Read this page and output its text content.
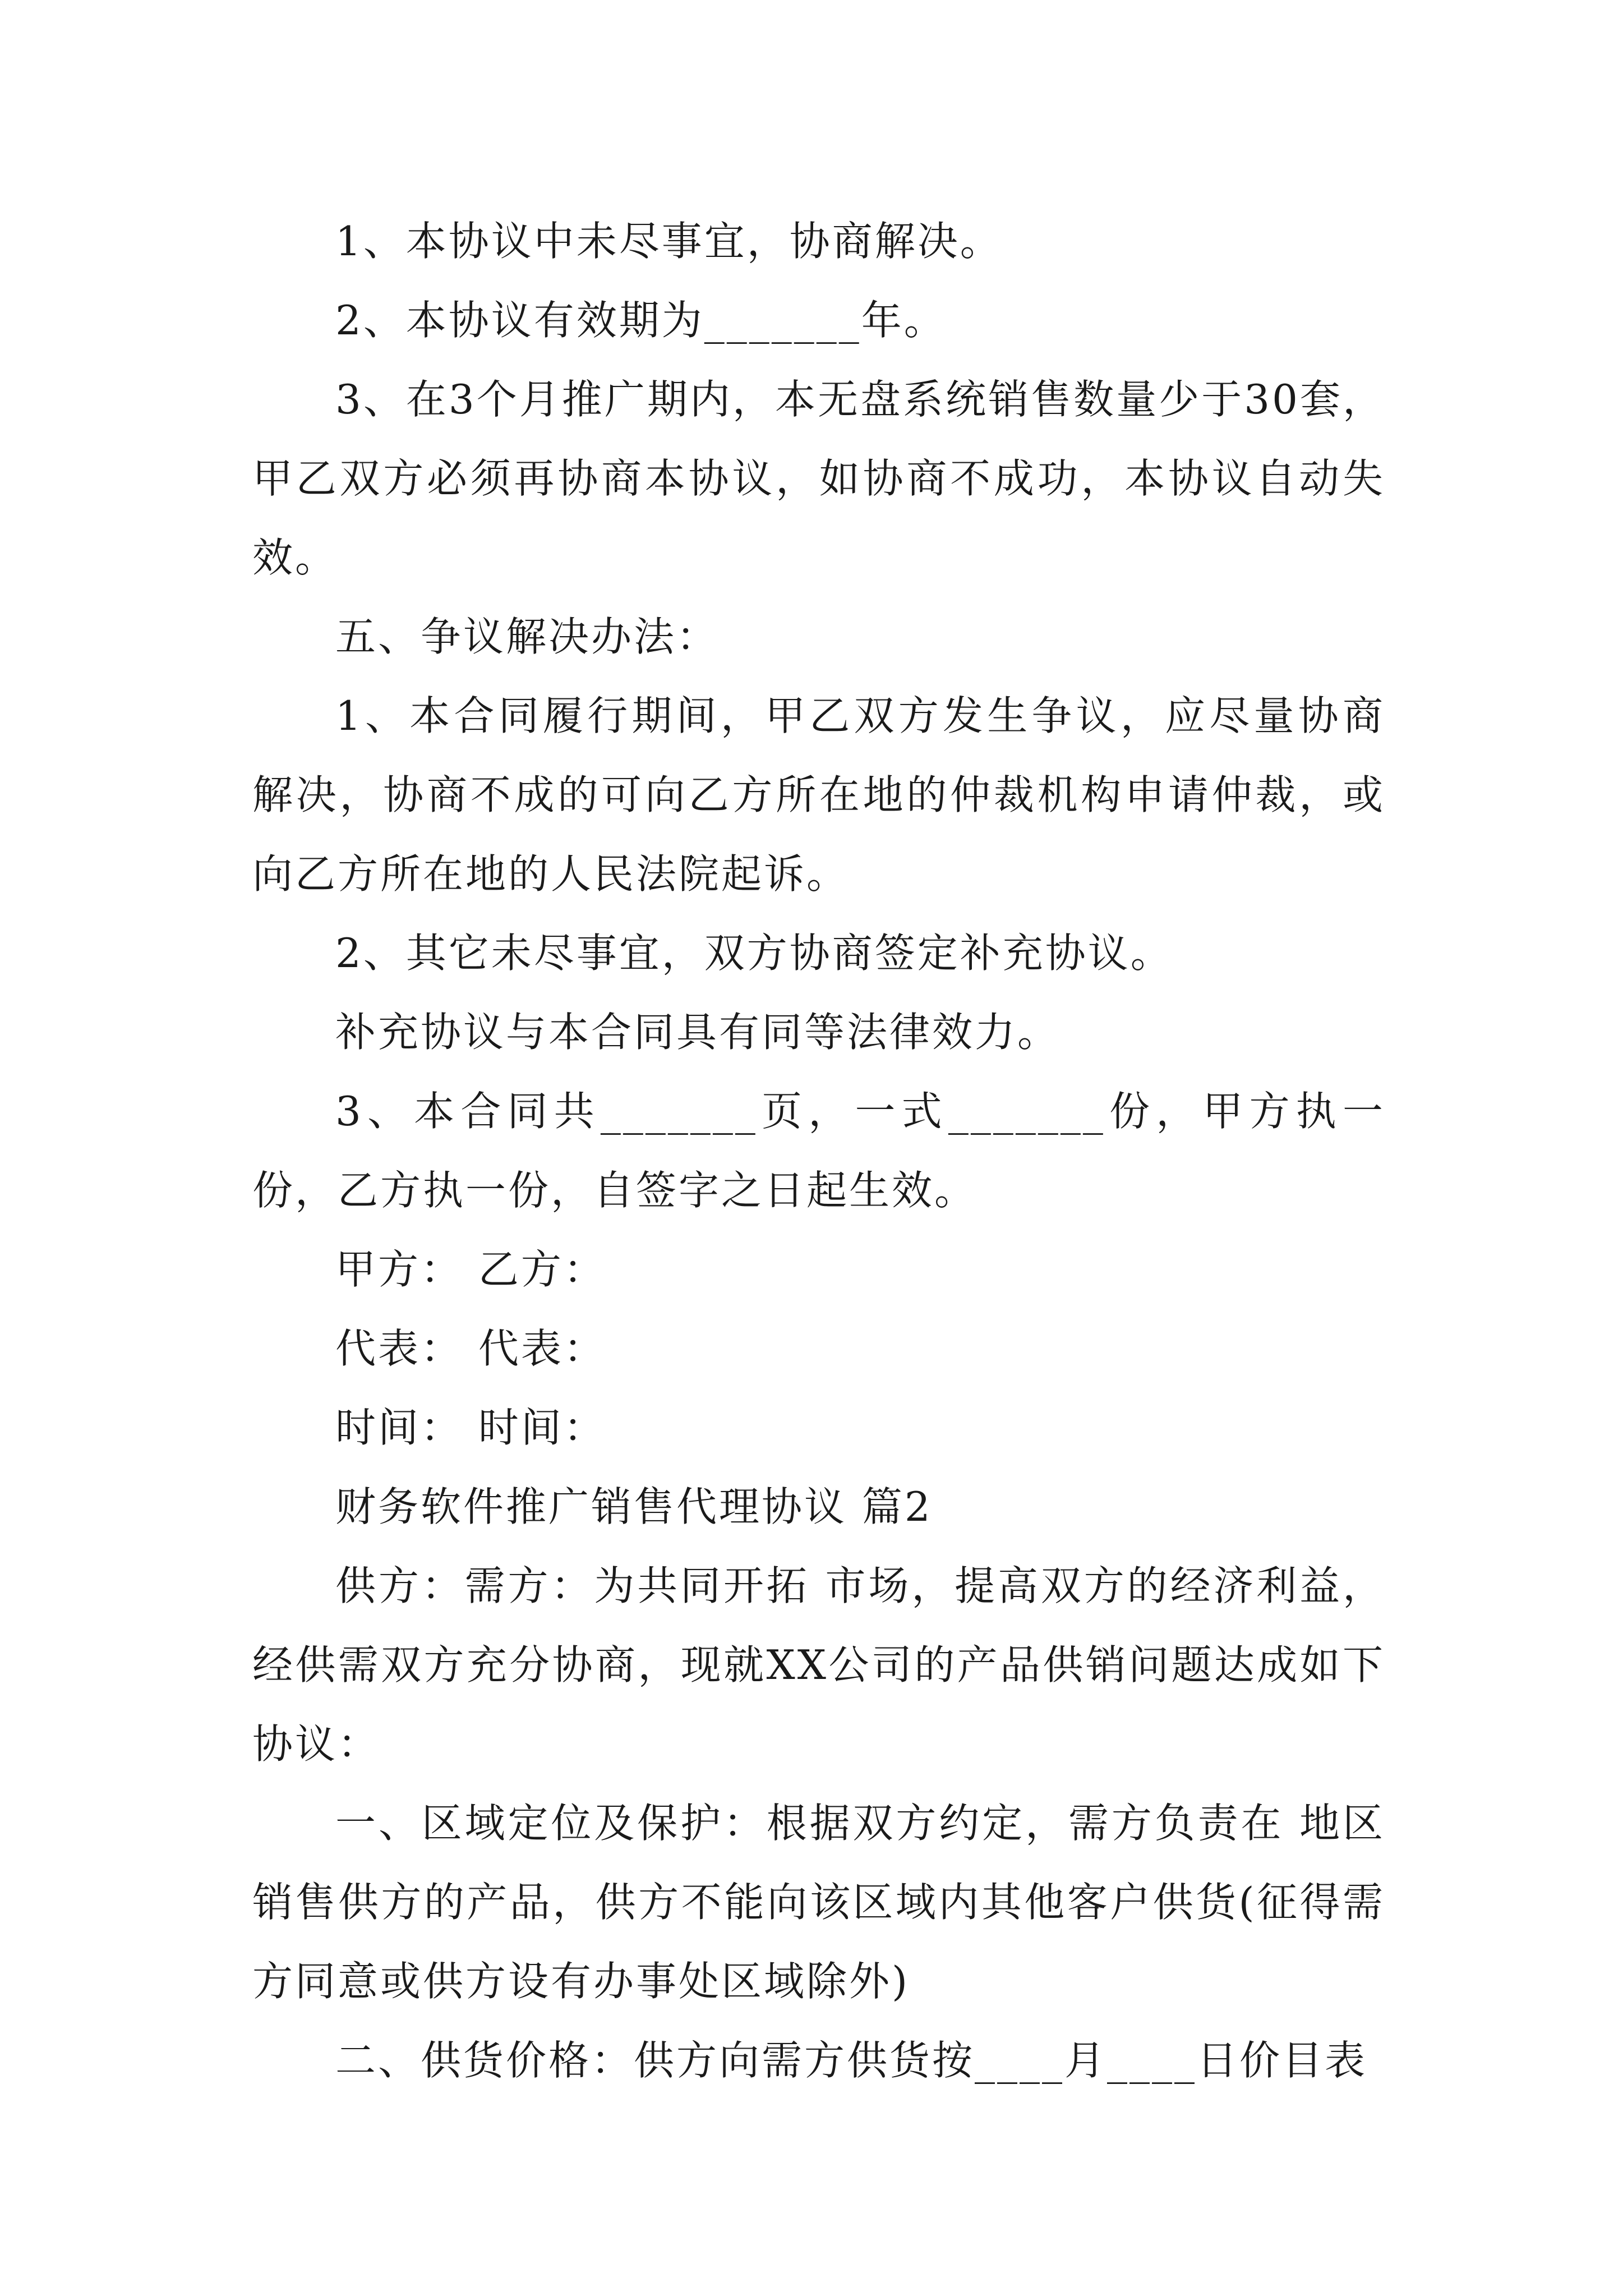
1、本协议中未尽事宜，协商解决。

2、本协议有效期为_______年。

3、在3个月推广期内，本无盘系统销售数量少于30套，甲乙双方必须再协商本协议，如协商不成功，本协议自动失效。

五、争议解决办法：

1、本合同履行期间，甲乙双方发生争议，应尽量协商解决，协商不成的可向乙方所在地的仲裁机构申请仲裁，或向乙方所在地的人民法院起诉。

2、其它未尽事宜，双方协商签定补充协议。

补充协议与本合同具有同等法律效力。

3、本合同共_______页，一式_______份，甲方执一份，乙方执一份，自签字之日起生效。

甲方： 乙方：

代表： 代表：

时间： 时间：

财务软件推广销售代理协议 篇2

供方：需方：为共同开拓 市场，提高双方的经济利益，经供需双方充分协商，现就XX公司的产品供销问题达成如下协议：

一、区域定位及保护：根据双方约定，需方负责在 地区销售供方的产品，供方不能向该区域内其他客户供货(征得需方同意或供方设有办事处区域除外)

二、供货价格：供方向需方供货按____月____日价目表
